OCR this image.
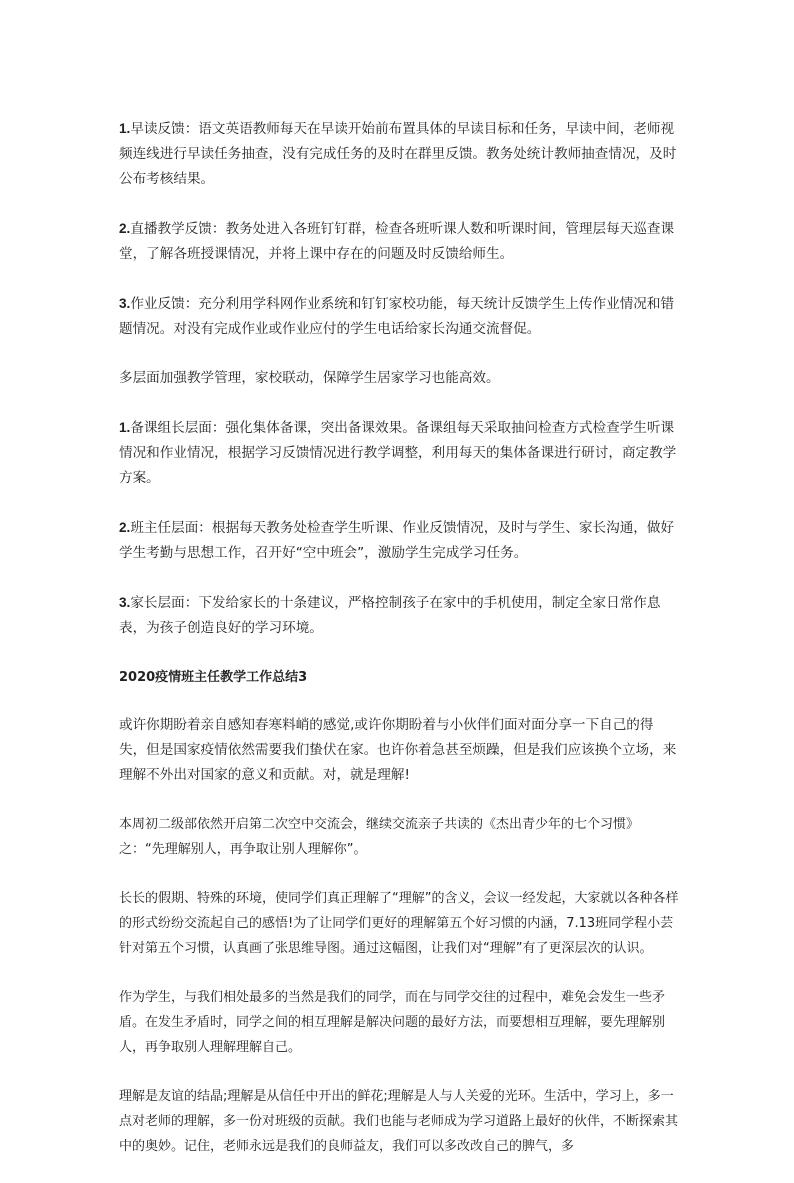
1.早读反馈：语文英语教师每天在早读开始前布置具体的早读目标和任务，早读中间，老师视频连线进行早读任务抽查，没有完成任务的及时在群里反馈。教务处统计教师抽查情况，及时公布考核结果。

2.直播教学反馈：教务处进入各班钉钉群，检查各班听课人数和听课时间，管理层每天巡查课堂，了解各班授课情况，并将上课中存在的问题及时反馈给师生。

3.作业反馈：充分利用学科网作业系统和钉钉家校功能，每天统计反馈学生上传作业情况和错题情况。对没有完成作业或作业应付的学生电话给家长沟通交流督促。

多层面加强教学管理，家校联动，保障学生居家学习也能高效。

1.备课组长层面：强化集体备课，突出备课效果。备课组每天采取抽问检查方式检查学生听课情况和作业情况，根据学习反馈情况进行教学调整，利用每天的集体备课进行研讨，商定教学方案。

2.班主任层面：根据每天教务处检查学生听课、作业反馈情况，及时与学生、家长沟通，做好学生考勤与思想工作，召开好“空中班会”，激励学生完成学习任务。

3.家长层面：下发给家长的十条建议，严格控制孩子在家中的手机使用，制定全家日常作息表，为孩子创造良好的学习环境。

2020疫情班主任教学工作总结3

或许你期盼着亲自感知春寒料峭的感觉,或许你期盼着与小伙伴们面对面分享一下自己的得失，但是国家疫情依然需要我们蛰伏在家。也许你着急甚至烦躁，但是我们应该换个立场，来理解不外出对国家的意义和贡献。对，就是理解!

本周初二级部依然开启第二次空中交流会，继续交流亲子共读的《杰出青少年的七个习惯》之：“先理解别人，再争取让别人理解你”。

长长的假期、特殊的环境，使同学们真正理解了“理解”的含义，会议一经发起，大家就以各种各样的形式纷纷交流起自己的感悟!为了让同学们更好的理解第五个好习惯的内涵，7.13班同学程小芸针对第五个习惯，认真画了张思维导图。通过这幅图，让我们对“理解”有了更深层次的认识。

作为学生，与我们相处最多的当然是我们的同学，而在与同学交往的过程中，难免会发生一些矛盾。在发生矛盾时，同学之间的相互理解是解决问题的最好方法，而要想相互理解，要先理解别人，再争取别人理解理解自己。

理解是友谊的结晶;理解是从信任中开出的鲜花;理解是人与人关爱的光环。生活中，学习上，多一点对老师的理解，多一份对班级的贡献。我们也能与老师成为学习道路上最好的伙伴，不断探索其中的奥妙。记住，老师永远是我们的良师益友，我们可以多改改自己的脾气，多
